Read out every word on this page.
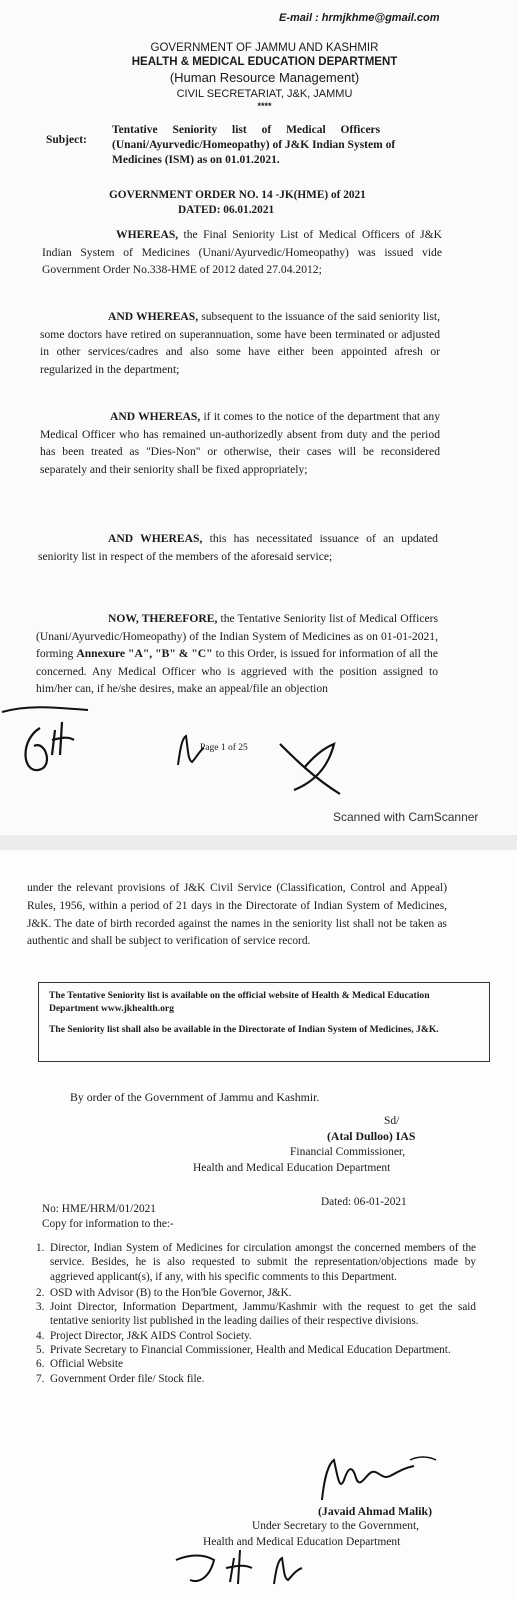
E-mail : hrmjkhme@gmail.com
GOVERNMENT OF JAMMU AND KASHMIR
HEALTH & MEDICAL EDUCATION DEPARTMENT
(Human Resource Management)
CIVIL SECRETARIAT, J&K, JAMMU
****
Subject:
Tentative Seniority list of Medical Officers
(Unani/Ayurvedic/Homeopathy) of J&K Indian System of
Medicines (ISM) as on 01.01.2021.
GOVERNMENT ORDER NO. 14 -JK(HME) of 2021
DATED: 06.01.2021
WHEREAS, the Final Seniority List of Medical Officers of J&K Indian System of Medicines (Unani/Ayurvedic/Homeopathy) was issued vide Government Order No.338-HME of 2012 dated 27.04.2012;
AND WHEREAS, subsequent to the issuance of the said seniority list, some doctors have retired on superannuation, some have been terminated or adjusted in other services/cadres and also some have either been appointed afresh or regularized in the department;
AND WHEREAS, if it comes to the notice of the department that any Medical Officer who has remained un-authorizedly absent from duty and the period has been treated as "Dies-Non" or otherwise, their cases will be reconsidered separately and their seniority shall be fixed appropriately;
AND WHEREAS, this has necessitated issuance of an updated seniority list in respect of the members of the aforesaid service;
NOW, THEREFORE, the Tentative Seniority list of Medical Officers (Unani/Ayurvedic/Homeopathy) of the Indian System of Medicines as on 01-01-2021, forming Annexure "A", "B" & "C" to this Order, is issued for information of all the concerned. Any Medical Officer who is aggrieved with the position assigned to him/her can, if he/she desires, make an appeal/file an objection
Page 1 of 25
Scanned with CamScanner
under the relevant provisions of J&K Civil Service (Classification, Control and Appeal) Rules, 1956, within a period of 21 days in the Directorate of Indian System of Medicines, J&K. The date of birth recorded against the names in the seniority list shall not be taken as authentic and shall be subject to verification of service record.
The Tentative Seniority list is available on the official website of Health & Medical Education Department www.jkhealth.org
The Seniority list shall also be available in the Directorate of Indian System of Medicines, J&K.
By order of the Government of Jammu and Kashmir.
Sd/
(Atal Dulloo) IAS
Financial Commissioner,
Health and Medical Education Department
No: HME/HRM/01/2021
Dated: 06-01-2021
Copy for information to the:-
1. Director, Indian System of Medicines for circulation amongst the concerned members of the service. Besides, he is also requested to submit the representation/objections made by aggrieved applicant(s), if any, with his specific comments to this Department.
2. OSD with Advisor (B) to the Hon'ble Governor, J&K.
3. Joint Director, Information Department, Jammu/Kashmir with the request to get the said tentative seniority list published in the leading dailies of their respective divisions.
4. Project Director, J&K AIDS Control Society.
5. Private Secretary to Financial Commissioner, Health and Medical Education Department.
6. Official Website
7. Government Order file/ Stock file.
(Javaid Ahmad Malik)
Under Secretary to the Government,
Health and Medical Education Department
